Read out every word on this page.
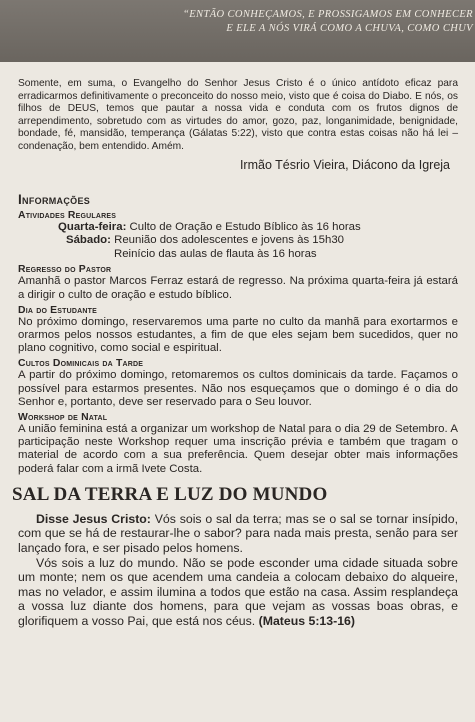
“ENTÃO CONHEÇAMOS, E PROSSIGAMOS EM CONHECER
E ELE A NÓS VIRÁ COMO A CHUVA, COMO CHUV

Somente, em suma, o Evangelho do Senhor Jesus Cristo é o único antídoto eficaz para erradicarmos definitivamente o preconceito do nosso meio, visto que é coisa do Diabo. E nós, os filhos de DEUS, temos que pautar a nossa vida e conduta com os frutos dignos de arrependimento, sobretudo com as virtudes do amor, gozo, paz, longanimidade, benignidade, bondade, fé, mansidão, temperança (Gálatas 5:22), visto que contra estas coisas não há lei – condenação, bem entendido. Amém.

Irmão Tésrio Vieira, Diácono da Igreja

Informações
Atividades Regulares

Quarta-feira: Culto de Oração e Estudo Bíblico às 16 horas

Sábado: Reunião dos adolescentes e jovens às 15h30

Reinício das aulas de flauta às 16 horas

Regresso do Pastor

Amanhã o pastor Marcos Ferraz estará de regresso. Na próxima quarta-feira já estará a dirigir o culto de oração e estudo bíblico.

Dia do Estudante

No próximo domingo, reservaremos uma parte no culto da manhã para exortarmos e orarmos pelos nossos estudantes, a fim de que eles sejam bem sucedidos, quer no plano cognitivo, como social e espiritual.

Cultos Dominicais da Tarde

A partir do próximo domingo, retomaremos os cultos dominicais da tarde. Façamos o possível para estarmos presentes. Não nos esqueçamos que o domingo é o dia do Senhor e, portanto, deve ser reservado para o Seu louvor.

Workshop de Natal

A união feminina está a organizar um workshop de Natal para o dia 29 de Setembro. A participação neste Workshop requer uma inscrição prévia e também que tragam o material de acordo com a sua preferência. Quem desejar obter mais informações poderá falar com a irmã Ivete Costa.

SAL DA TERRA E LUZ DO MUNDO

Disse Jesus Cristo: Vós sois o sal da terra; mas se o sal se tornar insípido, com que se há de restaurar-lhe o sabor? para nada mais presta, senão para ser lançado fora, e ser pisado pelos homens.

Vós sois a luz do mundo. Não se pode esconder uma cidade situada sobre um monte; nem os que acendem uma candeia a colocam debaixo do alqueire, mas no velador, e assim ilumina a todos que estão na casa. Assim resplandeça a vossa luz diante dos homens, para que vejam as vossas boas obras, e glorifiquem a vosso Pai, que está nos céus. (Mateus 5:13-16)
